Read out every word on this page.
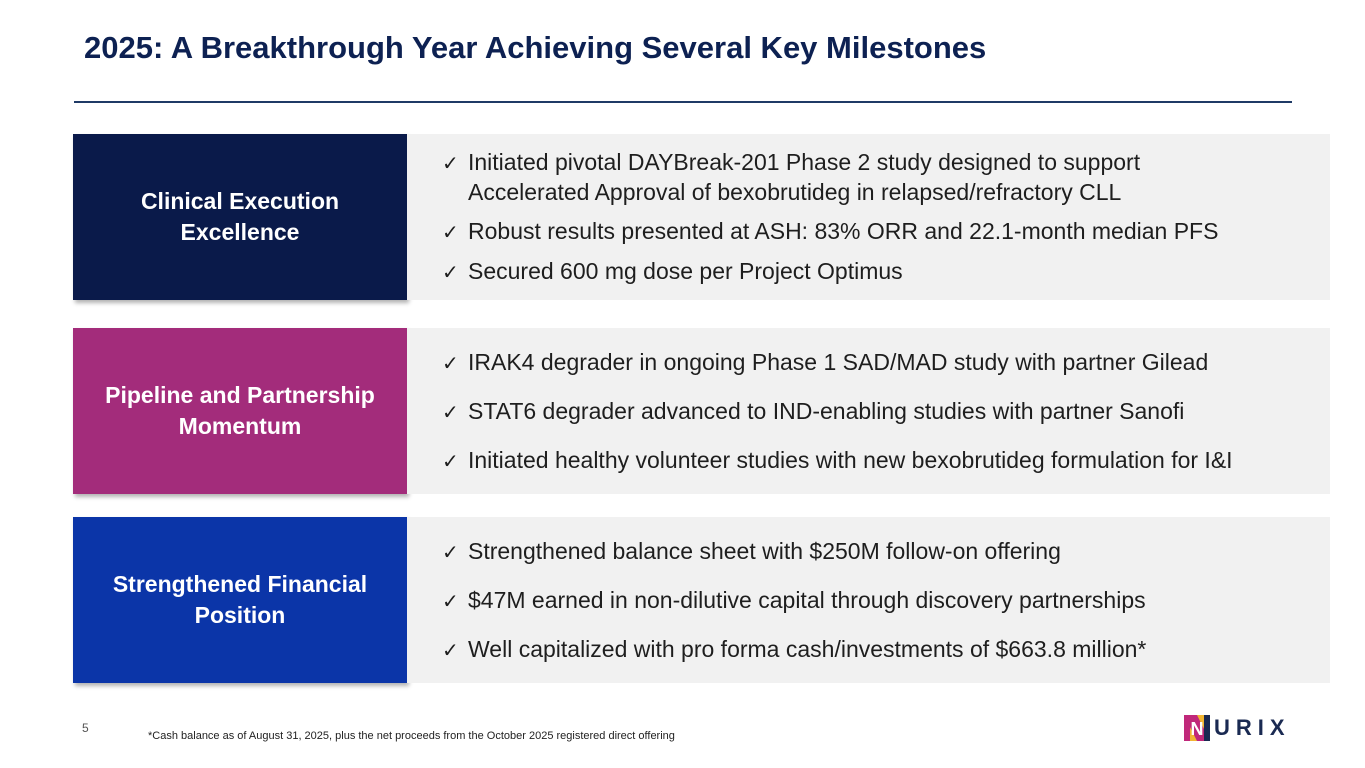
2025: A Breakthrough Year Achieving Several Key Milestones
Clinical Execution Excellence
✓ Initiated pivotal DAYBreak-201 Phase 2 study designed to support Accelerated Approval of bexobrutideg in relapsed/refractory CLL
✓ Robust results presented at ASH: 83% ORR and 22.1-month median PFS
✓ Secured 600 mg dose per Project Optimus
Pipeline and Partnership Momentum
✓ IRAK4 degrader in ongoing Phase 1 SAD/MAD study with partner Gilead
✓ STAT6 degrader advanced to IND-enabling studies with partner Sanofi
✓ Initiated healthy volunteer studies with new bexobrutideg formulation for I&I
Strengthened Financial Position
✓ Strengthened balance sheet with $250M follow-on offering
✓ $47M earned in non-dilutive capital through discovery partnerships
✓ Well capitalized with pro forma cash/investments of $663.8 million*
5
*Cash balance as of August 31, 2025, plus the net proceeds from the October 2025 registered direct offering	N URIX
